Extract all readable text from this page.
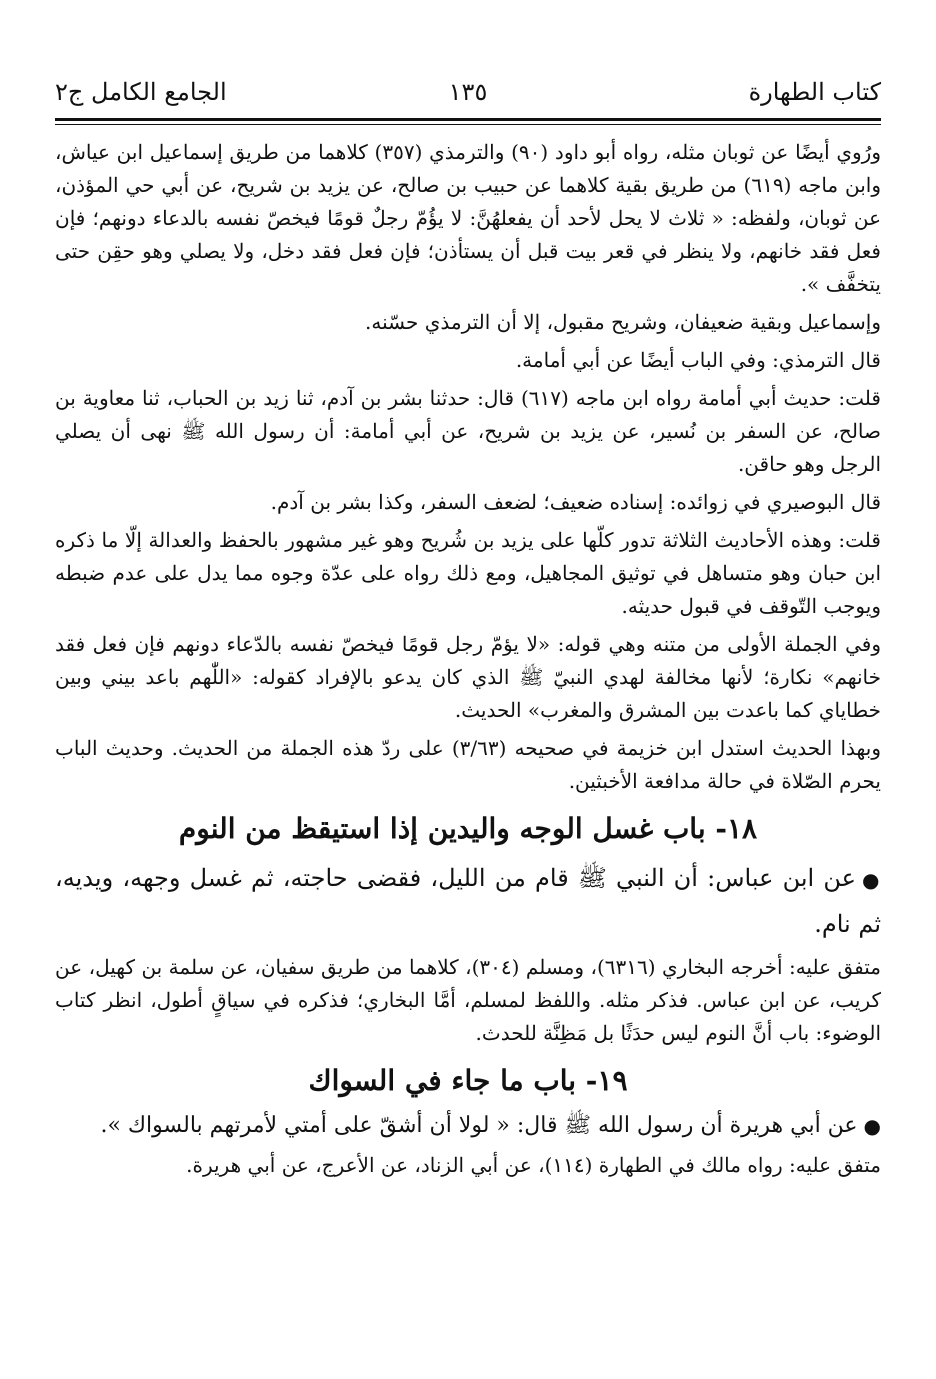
كتاب الطهارة
١٣٥
الجامع الكامل ج٢

ورُوي أيضًا عن ثوبان مثله، رواه أبو داود (٩٠) والترمذي (٣٥٧) كلاهما من طريق إسماعيل ابن عياش، وابن ماجه (٦١٩) من طريق بقية كلاهما عن حبيب بن صالح، عن يزيد بن شريح، عن أبي حي المؤذن، عن ثوبان، ولفظه: « ثلاث لا يحل لأحد أن يفعلهُنَّ: لا يؤُمّ رجلٌ قومًا فيخصّ نفسه بالدعاء دونهم؛ فإن فعل فقد خانهم، ولا ينظر في قعر بيت قبل أن يستأذن؛ فإن فعل فقد دخل، ولا يصلي وهو حقِن حتى يتخفَّف ».

وإسماعيل وبقية ضعيفان، وشريح مقبول، إلا أن الترمذي حسّنه.

قال الترمذي: وفي الباب أيضًا عن أبي أمامة.

قلت: حديث أبي أمامة رواه ابن ماجه (٦١٧) قال: حدثنا بشر بن آدم، ثنا زيد بن الحباب، ثنا معاوية بن صالح، عن السفر بن نُسير، عن يزيد بن شريح، عن أبي أمامة: أن رسول الله ﷺ نهى أن يصلي الرجل وهو حاقن.

قال البوصيري في زوائده: إسناده ضعيف؛ لضعف السفر، وكذا بشر بن آدم.

قلت: وهذه الأحاديث الثلاثة تدور كلّها على يزيد بن شُريح وهو غير مشهور بالحفظ والعدالة إلّا ما ذكره ابن حبان وهو متساهل في توثيق المجاهيل، ومع ذلك رواه على عدّة وجوه مما يدل على عدم ضبطه ويوجب التّوقف في قبول حديثه.

وفي الجملة الأولى من متنه وهي قوله: «لا يؤمّ رجل قومًا فيخصّ نفسه بالدّعاء دونهم فإن فعل فقد خانهم» نكارة؛ لأنها مخالفة لهدي النبيّ ﷺ الذي كان يدعو بالإفراد كقوله: «اللّٰهم باعد بيني وبين خطاياي كما باعدت بين المشرق والمغرب» الحديث.

وبهذا الحديث استدل ابن خزيمة في صحيحه (٣/٦٣) على ردّ هذه الجملة من الحديث. وحديث الباب يحرم الصّلاة في حالة مدافعة الأخبثين.

١٨- باب غسل الوجه واليدين إذا استيقظ من النوم

●عن ابن عباس: أن النبي ﷺ قام من الليل، فقضى حاجته، ثم غسل وجهه، ويديه، ثم نام.

متفق عليه: أخرجه البخاري (٦٣١٦)، ومسلم (٣٠٤)، كلاهما من طريق سفيان، عن سلمة بن كهيل، عن كريب، عن ابن عباس. فذكر مثله. واللفظ لمسلم، أمَّا البخاري؛ فذكره في سياقٍ أطول، انظر كتاب الوضوء: باب أنَّ النوم ليس حدَثًا بل مَظِنَّة للحدث.

١٩- باب ما جاء في السواك

●عن أبي هريرة أن رسول الله ﷺ قال: « لولا أن أشقّ على أمتي لأمرتهم بالسواك ».

متفق عليه: رواه مالك في الطهارة (١١٤)، عن أبي الزناد، عن الأعرج، عن أبي هريرة.
